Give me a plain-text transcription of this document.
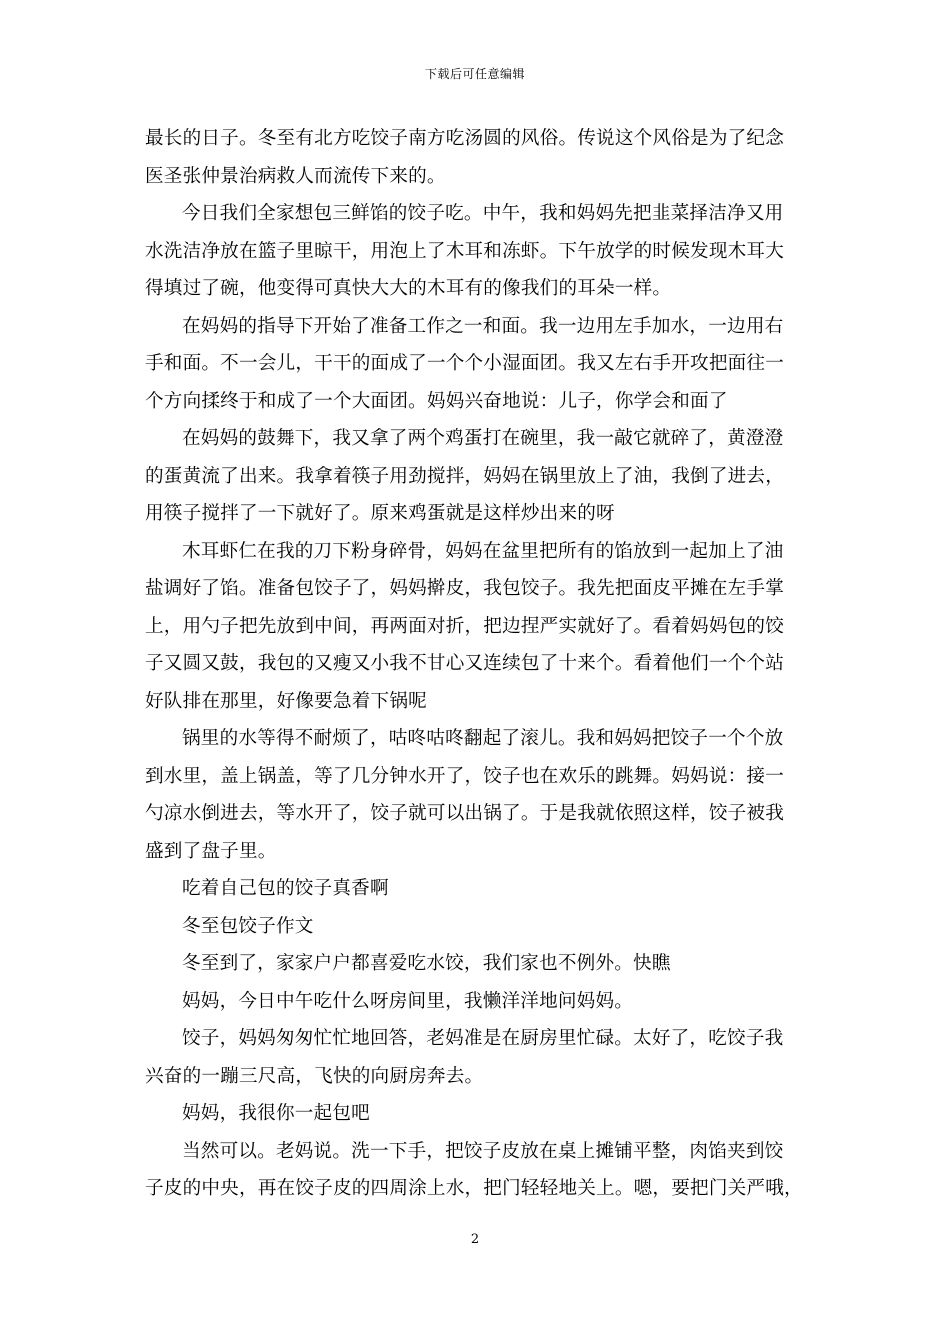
下载后可任意编辑
最长的日子。冬至有北方吃饺子南方吃汤圆的风俗。传说这个风俗是为了纪念
医圣张仲景治病救人而流传下来的。
今日我们全家想包三鲜馅的饺子吃。中午，我和妈妈先把韭菜择洁净又用
水洗洁净放在篮子里晾干，用泡上了木耳和冻虾。下午放学的时候发现木耳大
得填过了碗，他变得可真快大大的木耳有的像我们的耳朵一样。
在妈妈的指导下开始了准备工作之一和面。我一边用左手加水，一边用右
手和面。不一会儿，干干的面成了一个个小湿面团。我又左右手开攻把面往一
个方向揉终于和成了一个大面团。妈妈兴奋地说：儿子，你学会和面了
在妈妈的鼓舞下，我又拿了两个鸡蛋打在碗里，我一敲它就碎了，黄澄澄
的蛋黄流了出来。我拿着筷子用劲搅拌，妈妈在锅里放上了油，我倒了进去，
用筷子搅拌了一下就好了。原来鸡蛋就是这样炒出来的呀
木耳虾仁在我的刀下粉身碎骨，妈妈在盆里把所有的馅放到一起加上了油
盐调好了馅。准备包饺子了，妈妈擀皮，我包饺子。我先把面皮平摊在左手掌
上，用勺子把先放到中间，再两面对折，把边捏严实就好了。看着妈妈包的饺
子又圆又鼓，我包的又瘦又小我不甘心又连续包了十来个。看着他们一个个站
好队排在那里，好像要急着下锅呢
锅里的水等得不耐烦了，咕咚咕咚翻起了滚儿。我和妈妈把饺子一个个放
到水里，盖上锅盖，等了几分钟水开了，饺子也在欢乐的跳舞。妈妈说：接一
勺凉水倒进去，等水开了，饺子就可以出锅了。于是我就依照这样，饺子被我
盛到了盘子里。
吃着自己包的饺子真香啊
冬至包饺子作文
冬至到了，家家户户都喜爱吃水饺，我们家也不例外。快瞧
妈妈，今日中午吃什么呀房间里，我懒洋洋地问妈妈。
饺子，妈妈匆匆忙忙地回答，老妈准是在厨房里忙碌。太好了，吃饺子我
兴奋的一蹦三尺高，飞快的向厨房奔去。
妈妈，我很你一起包吧
当然可以。老妈说。洗一下手，把饺子皮放在桌上摊铺平整，肉馅夹到饺
子皮的中央，再在饺子皮的四周涂上水，把门轻轻地关上。嗯，要把门关严哦，
2
